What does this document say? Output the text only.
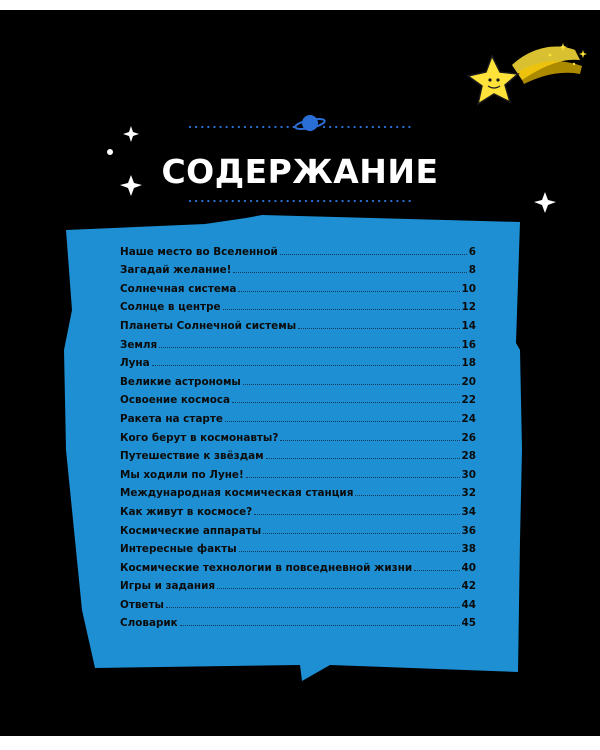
СОДЕРЖАНИЕ
Наше место во Вселенной	6
Загадай желание!	8
Солнечная система	10
Солнце в центре	12
Планеты Солнечной системы	14
Земля	16
Луна	18
Великие астрономы	20
Освоение космоса	22
Ракета на старте	24
Кого берут в космонавты?	26
Путешествие к звёздам	28
Мы ходили по Луне!	30
Международная космическая станция	32
Как живут в космосе?	34
Космические аппараты	36
Интересные факты	38
Космические технологии в повседневной жизни	40
Игры и задания	42
Ответы	44
Словарик	45
